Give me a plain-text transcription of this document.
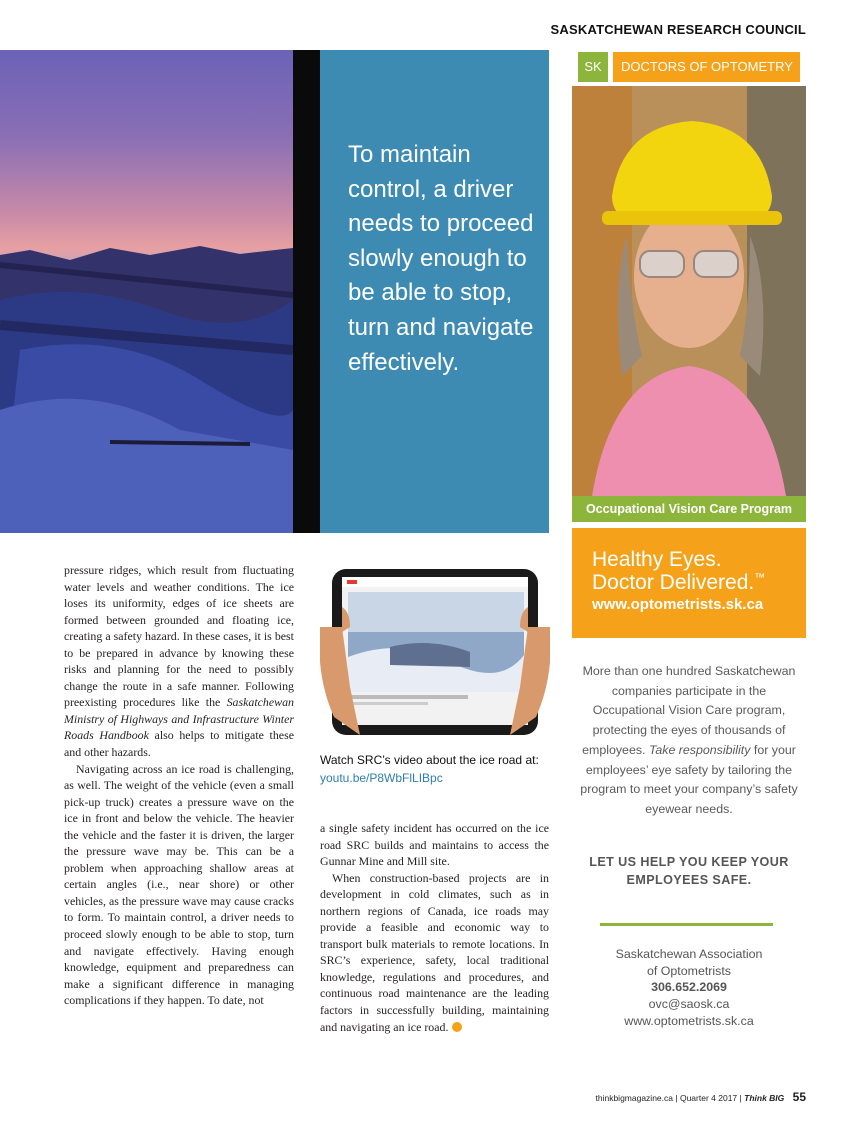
SASKATCHEWAN RESEARCH COUNCIL
To maintain control, a driver needs to proceed slowly enough to be able to stop, turn and navigate effectively.
SK	DOCTORS OF OPTOMETRY
Occupational Vision Care Program
Healthy Eyes.
Doctor Delivered.™
www.optometrists.sk.ca
More than one hundred Saskatchewan companies participate in the Occupational Vision Care program, protecting the eyes of thousands of employees. Take responsibility for your employees’ eye safety by tailoring the program to meet your company’s safety eyewear needs.
LET US HELP YOU KEEP YOUR EMPLOYEES SAFE.
Saskatchewan Association
of Optometrists
306.652.2069
ovc@saosk.ca
www.optometrists.sk.ca

pressure ridges, which result from fluctuating water levels and weather conditions. The ice loses its uniformity, edges of ice sheets are formed between grounded and floating ice, creating a safety hazard. In these cases, it is best to be prepared in advance by knowing these risks and planning for the need to possibly change the route in a safe manner. Following preexisting procedures like the Saskatchewan Ministry of Highways and Infrastructure Winter Roads Handbook also helps to mitigate these and other hazards.

Navigating across an ice road is challenging, as well. The weight of the vehicle (even a small pick-up truck) creates a pressure wave on the ice in front and below the vehicle. The heavier the vehicle and the faster it is driven, the larger the pressure wave may be. This can be a problem when approaching shallow areas at certain angles (i.e., near shore) or other vehicles, as the pressure wave may cause cracks to form. To maintain control, a driver needs to proceed slowly enough to be able to stop, turn and navigate effectively. Having enough knowledge, equipment and preparedness can make a significant difference in managing complications if they happen. To date, not

Watch SRC’s video about the ice road at: youtu.be/P8WbFlLIBpc

a single safety incident has occurred on the ice road SRC builds and maintains to access the Gunnar Mine and Mill site.

When construction-based projects are in development in cold climates, such as in northern regions of Canada, ice roads may provide a feasible and economic way to transport bulk materials to remote locations. In SRC’s experience, safety, local traditional knowledge, regulations and procedures, and continuous road maintenance are the leading factors in successfully building, maintaining and navigating an ice road.

thinkbigmagazine.ca | Quarter 4 2017 | Think BIG 55
